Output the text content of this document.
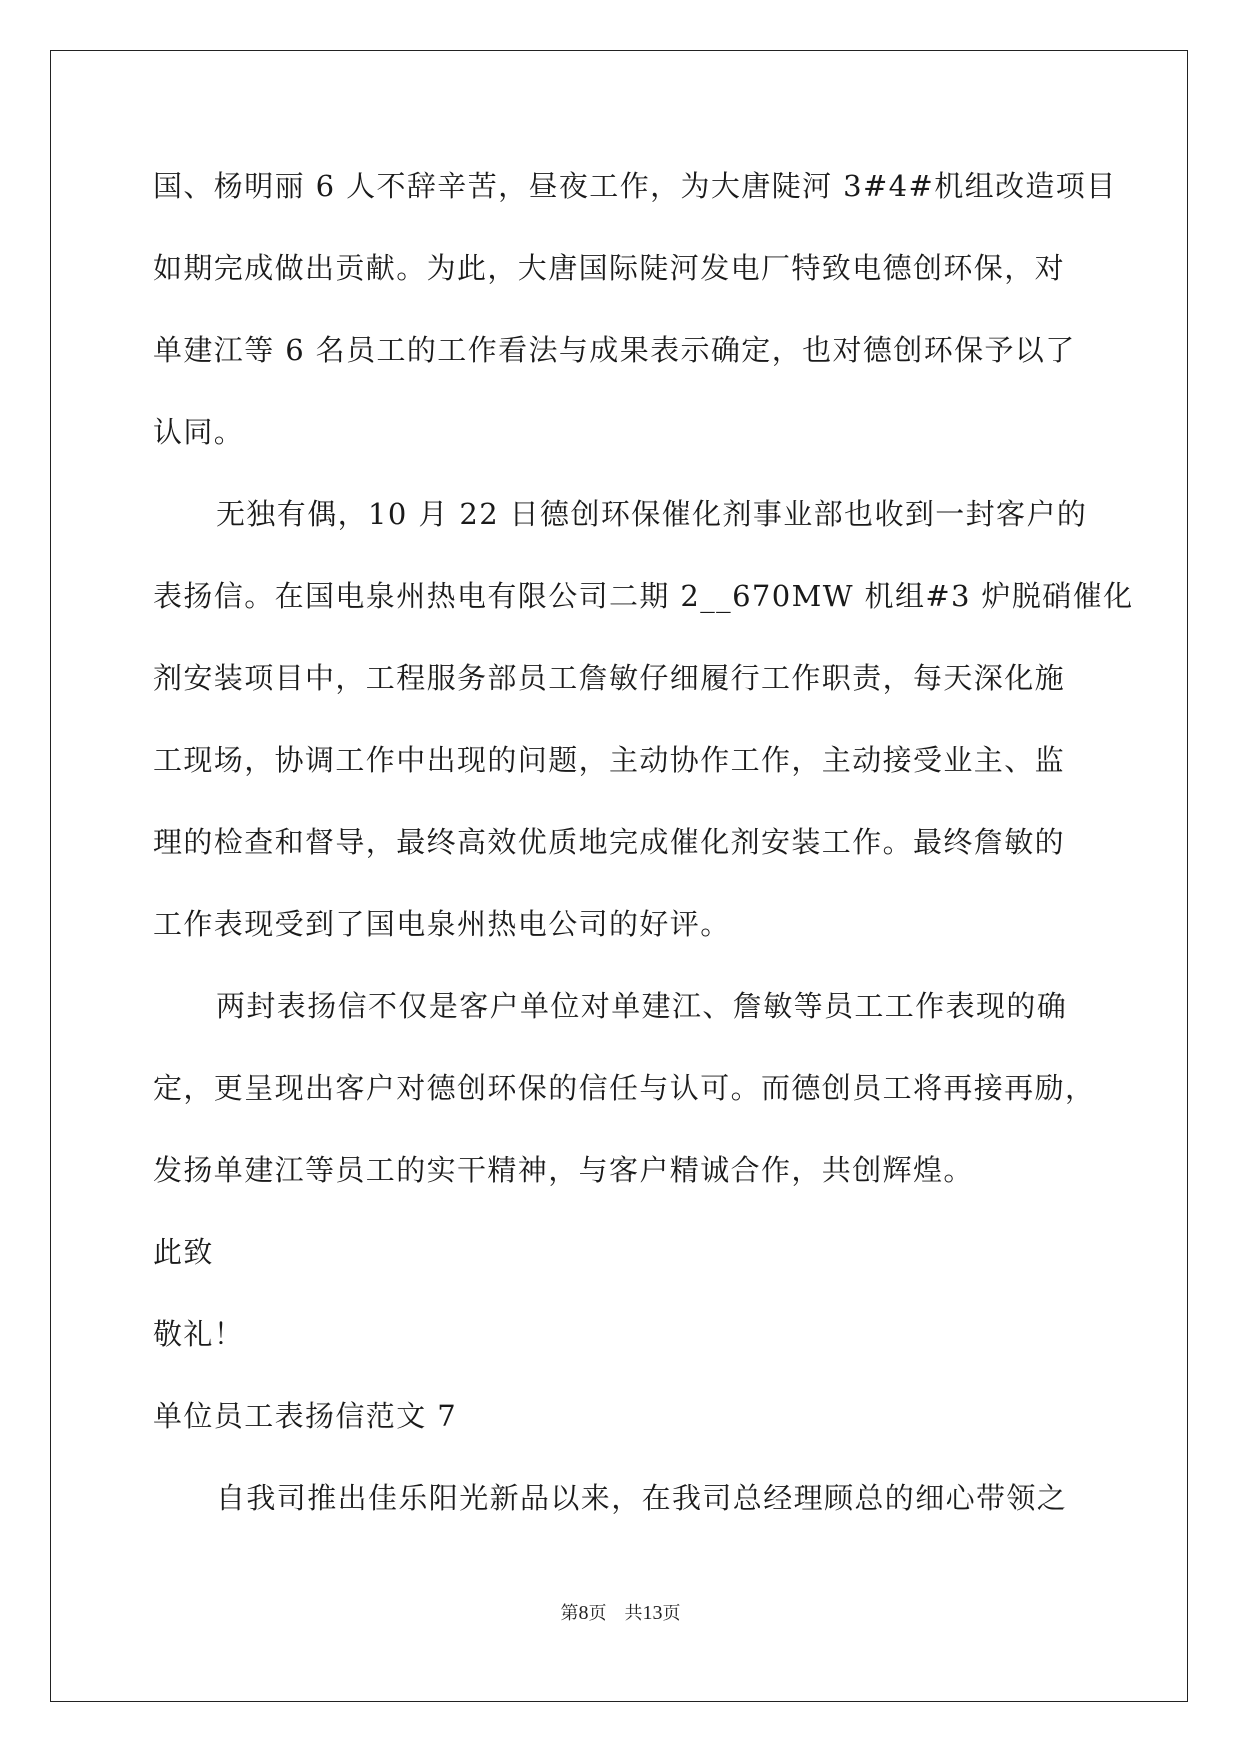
国、杨明丽 6 人不辞辛苦，昼夜工作，为大唐陡河 3#4#机组改造项目
如期完成做出贡献。为此，大唐国际陡河发电厂特致电德创环保，对
单建江等 6 名员工的工作看法与成果表示确定，也对德创环保予以了
认同。
无独有偶，10 月 22 日德创环保催化剂事业部也收到一封客户的
表扬信。在国电泉州热电有限公司二期 2__670MW 机组#3 炉脱硝催化
剂安装项目中，工程服务部员工詹敏仔细履行工作职责，每天深化施
工现场，协调工作中出现的问题，主动协作工作，主动接受业主、监
理的检查和督导，最终高效优质地完成催化剂安装工作。最终詹敏的
工作表现受到了国电泉州热电公司的好评。
两封表扬信不仅是客户单位对单建江、詹敏等员工工作表现的确
定，更呈现出客户对德创环保的信任与认可。而德创员工将再接再励，
发扬单建江等员工的实干精神，与客户精诚合作，共创辉煌。
此致
敬礼！
单位员工表扬信范文 7
自我司推出佳乐阳光新品以来，在我司总经理顾总的细心带领之
第8页　共13页
